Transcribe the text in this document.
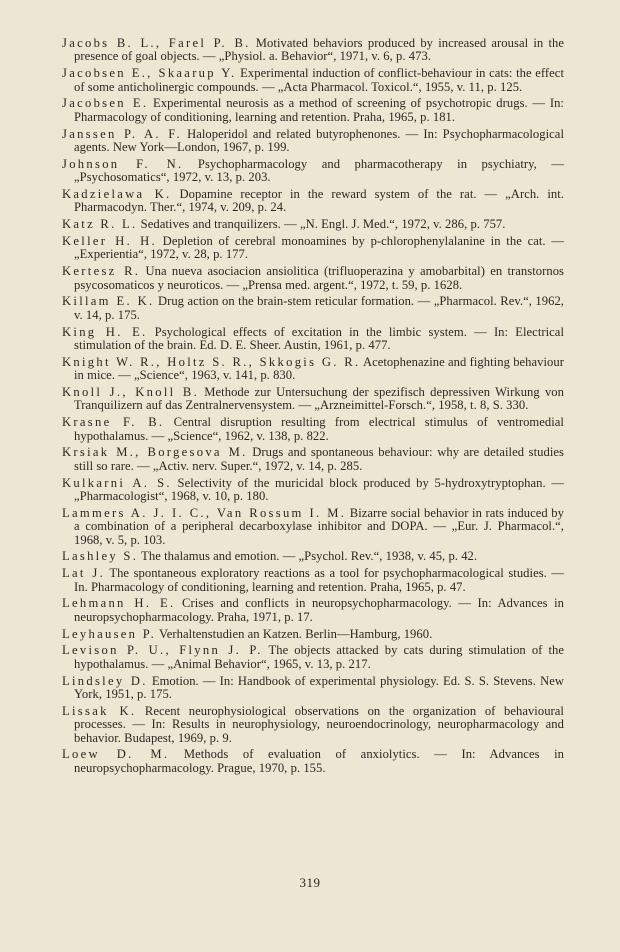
Jacobs B. L., Farel P. B. Motivated behaviors produced by increased arousal in the presence of goal objects. — „Physiol. a. Behavior“, 1971, v. 6, p. 473.

Jacobsen E., Skaarup Y. Experimental induction of conflict-behaviour in cats: the effect of some anticholinergic compounds. — „Acta Pharmacol. Toxicol.“, 1955, v. 11, p. 125.

Jacobsen E. Experimental neurosis as a method of screening of psychotropic drugs. — In: Pharmacology of conditioning, learning and retention. Praha, 1965, p. 181.

Janssen P. A. F. Haloperidol and related butyrophenones. — In: Psychopharmacological agents. New York—London, 1967, p. 199.

Johnson F. N. Psychopharmacology and pharmacotherapy in psychiatry, — „Psychosomatics“, 1972, v. 13, p. 203.

Kadzielawa K. Dopamine receptor in the reward system of the rat. — „Arch. int. Pharmacodyn. Ther.“, 1974, v. 209, p. 24.

Katz R. L. Sedatives and tranquilizers. — „N. Engl. J. Med.“, 1972, v. 286, p. 757.

Keller H. H. Depletion of cerebral monoamines by p-chlorophenylalanine in the cat. — „Experientia“, 1972, v. 28, p. 177.

Kertesz R. Una nueva asociacion ansiolitica (trifluoperazina y amobarbital) en transtornos psycosomaticos y neuroticos. — „Prensa med. argent.“, 1972, t. 59, p. 1628.

Killam E. K. Drug action on the brain-stem reticular formation. — „Pharmacol. Rev.“, 1962, v. 14, p. 175.

King H. E. Psychological effects of excitation in the limbic system. — In: Electrical stimulation of the brain. Ed. D. E. Sheer. Austin, 1961, p. 477.

Knight W. R., Holtz S. R., Skkogis G. R. Acetophenazine and fighting behaviour in mice. — „Science“, 1963, v. 141, p. 830.

Knoll J., Knoll B. Methode zur Untersuchung der spezifisch depressiven Wirkung von Tranquilizern auf das Zentralnervensystem. — „Arzneimittel-Forsch.“, 1958, t. 8, S. 330.

Krasne F. B. Central disruption resulting from electrical stimulus of ventromedial hypothalamus. — „Science“, 1962, v. 138, p. 822.

Krsiak M., Borgesova M. Drugs and spontaneous behaviour: why are detailed studies still so rare. — „Activ. nerv. Super.“, 1972, v. 14, p. 285.

Kulkarni A. S. Selectivity of the muricidal block produced by 5-hydroxytryptophan. — „Pharmacologist“, 1968, v. 10, p. 180.

Lammers A. J. I. C., Van Rossum I. M. Bizarre social behavior in rats induced by a combination of a peripheral decarboxylase inhibitor and DOPA. — „Eur. J. Pharmacol.“, 1968, v. 5, p. 103.

Lashley S. The thalamus and emotion. — „Psychol. Rev.“, 1938, v. 45, p. 42.

Lat J. The spontaneous exploratory reactions as a tool for psychopharmacological studies. — In. Pharmacology of conditioning, learning and retention. Praha, 1965, p. 47.

Lehmann H. E. Crises and conflicts in neuropsychopharmacology. — In: Advances in neuropsychopharmacology. Praha, 1971, p. 17.

Leyhausen P. Verhaltenstudien an Katzen. Berlin—Hamburg, 1960.

Levison P. U., Flynn J. P. The objects attacked by cats during stimulation of the hypothalamus. — „Animal Behavior“, 1965, v. 13, p. 217.

Lindsley D. Emotion. — In: Handbook of experimental physiology. Ed. S. S. Stevens. New York, 1951, p. 175.

Lissak K. Recent neurophysiological observations on the organization of behavioural processes. — In: Results in neurophysiology, neuroendocrinology, neuropharmacology and behavior. Budapest, 1969, p. 9.

Loew D. M. Methods of evaluation of anxiolytics. — In: Advances in neuropsychopharmacology. Prague, 1970, p. 155.

319
